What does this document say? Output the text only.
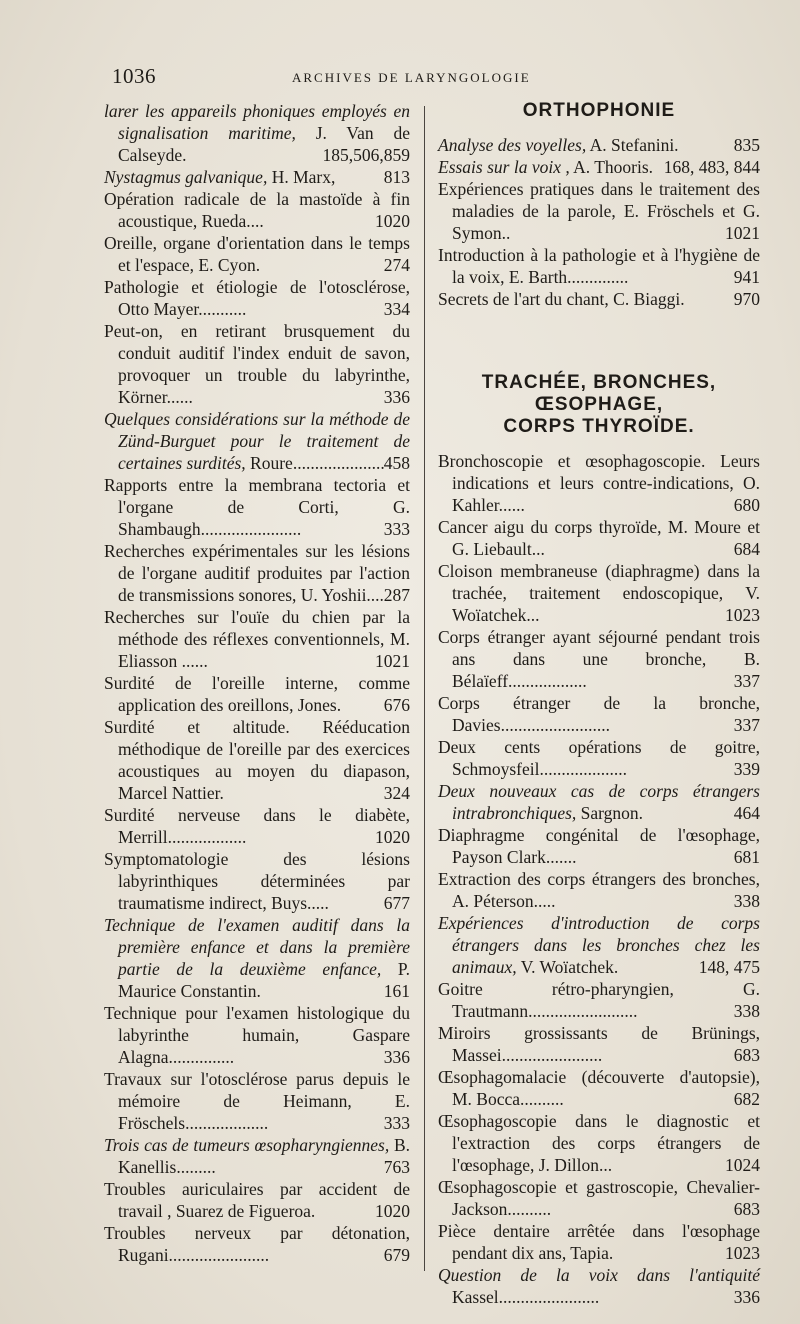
1036	ARCHIVES DE LARYNGOLOGIE

larer les appareils phoniques employés en signalisation maritime, J. Van de Calseyde.	185,506,859

Nystagmus galvanique, H. Marx,	813

Opération radicale de la mastoïde à fin acoustique, Rueda....	1020

Oreille, organe d'orientation dans le temps et l'espace, E. Cyon.	274

Pathologie et étiologie de l'otosclérose, Otto Mayer...........	334

Peut-on, en retirant brusquement du conduit auditif l'index enduit de savon, provoquer un trouble du labyrinthe, Körner......	336

Quelques considérations sur la méthode de Zünd-Burguet pour le traitement de certaines surdités, Roure..................... 458

Rapports entre la membrana tectoria et l'organe de Corti, G. Shambaugh.......................	333

Recherches expérimentales sur les lésions de l'organe auditif produites par l'action de transmissions sonores, U. Yoshii.... 287

Recherches sur l'ouïe du chien par la méthode des réflexes conventionnels, M. Eliasson ......	1021

Surdité de l'oreille interne, comme application des oreillons, Jones. 676

Surdité et altitude. Rééducation méthodique de l'oreille par des exercices acoustiques au moyen du diapason, Marcel Nattier.	324

Surdité nerveuse dans le diabète, Merrill..................	1020

Symptomatologie des lésions labyrinthiques déterminées par traumatisme indirect, Buys.....	677

Technique de l'examen auditif dans la première enfance et dans la première partie de la deuxième enfance, P. Maurice Constantin.	161

Technique pour l'examen histologique du labyrinthe humain, Gaspare Alagna...............	336

Travaux sur l'otosclérose parus depuis le mémoire de Heimann, E. Fröschels...................	333

Trois cas de tumeurs œsopharyngiennes, B. Kanellis.........	763

Troubles auriculaires par accident de travail , Suarez de Figueroa.	1020

Troubles nerveux par détonation, Rugani.......................	679

ORTHOPHONIE

Analyse des voyelles, A. Stefanini.	835

Essais sur la voix , A. Thooris. 168, 483, 844

Expériences pratiques dans le traitement des maladies de la parole, E. Fröschels et G. Symon..	1021

Introduction à la pathologie et à l'hygiène de la voix, E. Barth..............	941

Secrets de l'art du chant, C. Biaggi.	970

TRACHÉE, BRONCHES,
ŒSOPHAGE,
CORPS THYROÏDE.

Bronchoscopie et œsophagoscopie. Leurs indications et leurs contre-indications, O. Kahler......	680

Cancer aigu du corps thyroïde, M. Moure et G. Liebault...	684

Cloison membraneuse (diaphragme) dans la trachée, traitement endoscopique, V. Woïatchek...	1023

Corps étranger ayant séjourné pendant trois ans dans une bronche, B. Bélaïeff..................	337

Corps étranger de la bronche, Davies.........................	337

Deux cents opérations de goitre, Schmoysfeil....................	339

Deux nouveaux cas de corps étrangers intrabronchiques, Sargnon.	464

Diaphragme congénital de l'œsophage, Payson Clark.......	681

Extraction des corps étrangers des bronches, A. Péterson.....	338

Expériences d'introduction de corps étrangers dans les bronches chez les animaux, V. Woïatchek.	148, 475

Goitre rétro-pharyngien, G. Trautmann.........................	338

Miroirs grossissants de Brünings, Massei.......................	683

Œsophagomalacie (découverte d'autopsie), M. Bocca..........	682

Œsophagoscopie dans le diagnostic et l'extraction des corps étrangers de l'œsophage, J. Dillon...	1024

Œsophagoscopie et gastroscopie, Chevalier-Jackson..........	683

Pièce dentaire arrêtée dans l'œsophage pendant dix ans, Tapia.	1023

Question de la voix dans l'antiquité Kassel.......................	336
